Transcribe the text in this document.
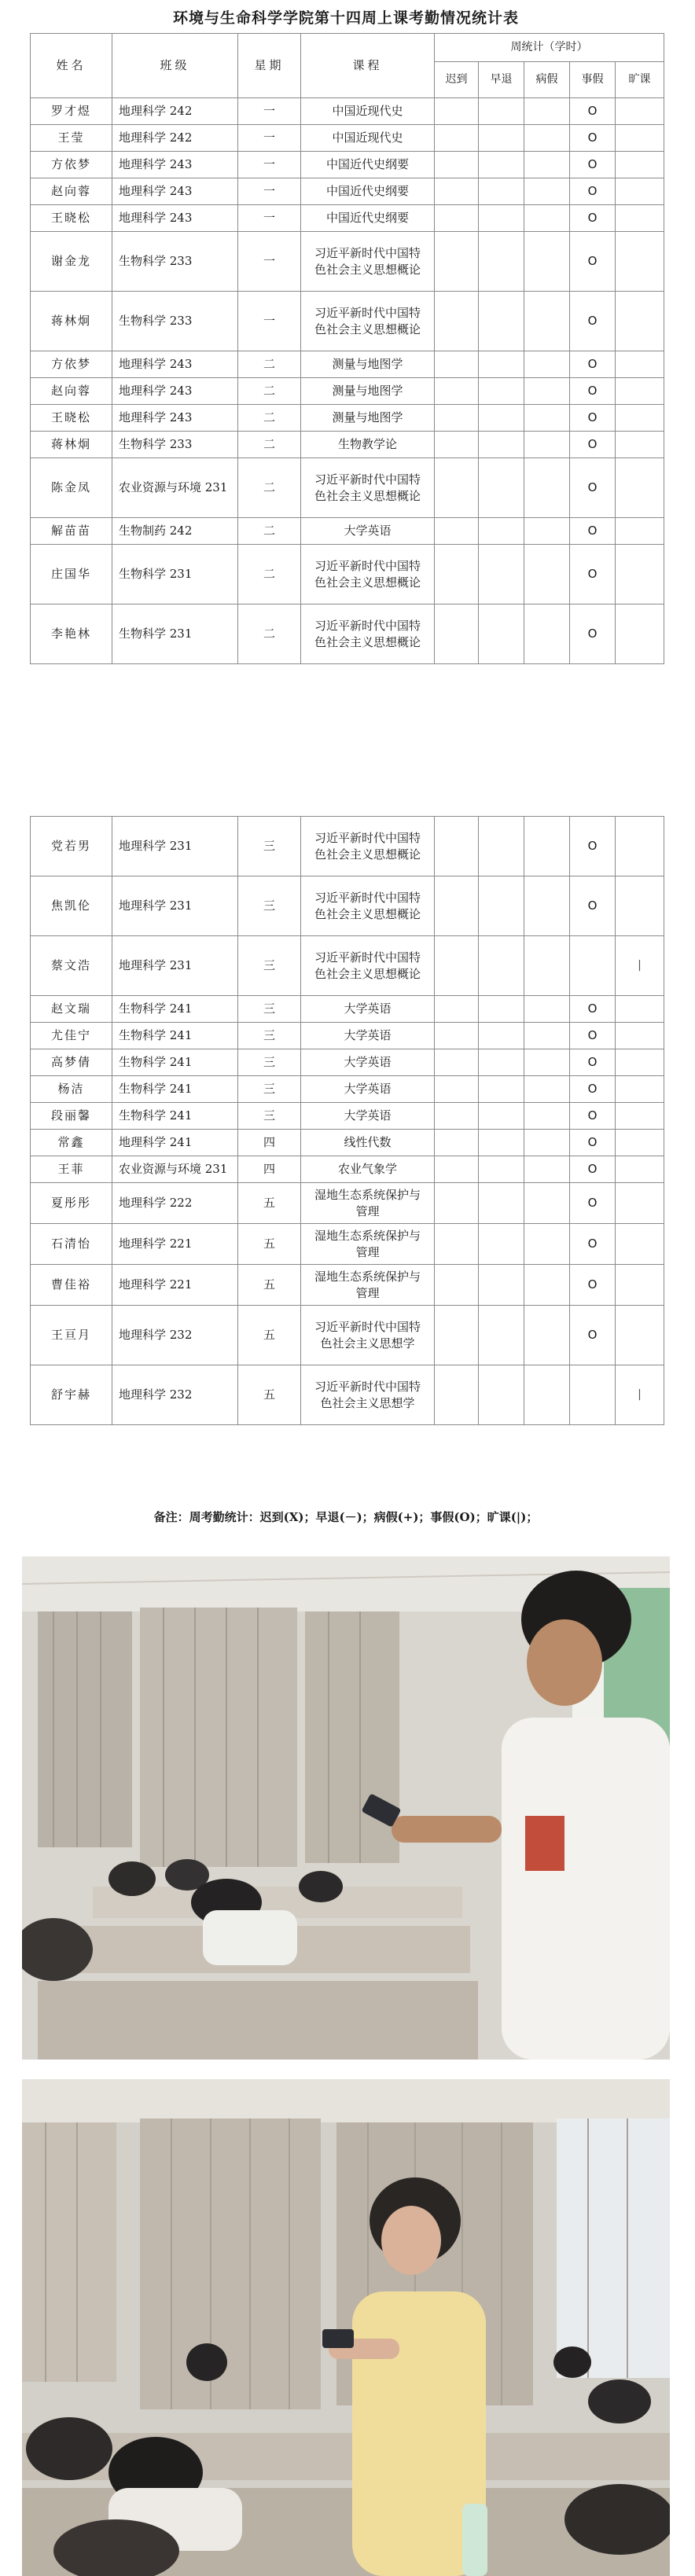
环境与生命科学学院第十四周上课考勤情况统计表
姓名	班级	星期	课程	周统计（学时）				
				迟到	早退	病假	事假	旷课
罗才煜	地理科学 242	一	中国近现代史				O	
王莹	地理科学 242	一	中国近现代史				O	
方依梦	地理科学 243	一	中国近代史纲要				O	
赵向蓉	地理科学 243	一	中国近代史纲要				O	
王晓松	地理科学 243	一	中国近代史纲要				O	
谢金龙	生物科学 233	一	习近平新时代中国特色社会主义思想概论				O	
蒋林炯	生物科学 233	一	习近平新时代中国特色社会主义思想概论				O	
方依梦	地理科学 243	二	测量与地图学				O	
赵向蓉	地理科学 243	二	测量与地图学				O	
王晓松	地理科学 243	二	测量与地图学				O	
蒋林炯	生物科学 233	二	生物教学论				O	
陈金凤	农业资源与环境 231	二	习近平新时代中国特色社会主义思想概论				O	
解苗苗	生物制药 242	二	大学英语				O	
庄国华	生物科学 231	二	习近平新时代中国特色社会主义思想概论				O	
李艳林	生物科学 231	二	习近平新时代中国特色社会主义思想概论				O	
党若男	地理科学 231	三	习近平新时代中国特色社会主义思想概论				O	
焦凯伦	地理科学 231	三	习近平新时代中国特色社会主义思想概论				O	
蔡文浩	地理科学 231	三	习近平新时代中国特色社会主义思想概论					|
赵文瑞	生物科学 241	三	大学英语				O	
尤佳宁	生物科学 241	三	大学英语				O	
高梦倩	生物科学 241	三	大学英语				O	
杨洁	生物科学 241	三	大学英语				O	
段丽馨	生物科学 241	三	大学英语				O	
常鑫	地理科学 241	四	线性代数				O	
王菲	农业资源与环境 231	四	农业气象学				O	
夏彤彤	地理科学 222	五	湿地生态系统保护与管理				O	
石清怡	地理科学 221	五	湿地生态系统保护与管理				O	
曹佳裕	地理科学 221	五	湿地生态系统保护与管理				O	
王亘月	地理科学 232	五	习近平新时代中国特色社会主义思想学				O	
舒宇赫	地理科学 232	五	习近平新时代中国特色社会主义思想学					|
备注：周考勤统计：迟到(X)；早退(－)；病假(+)；事假(O)；旷课(|)；
